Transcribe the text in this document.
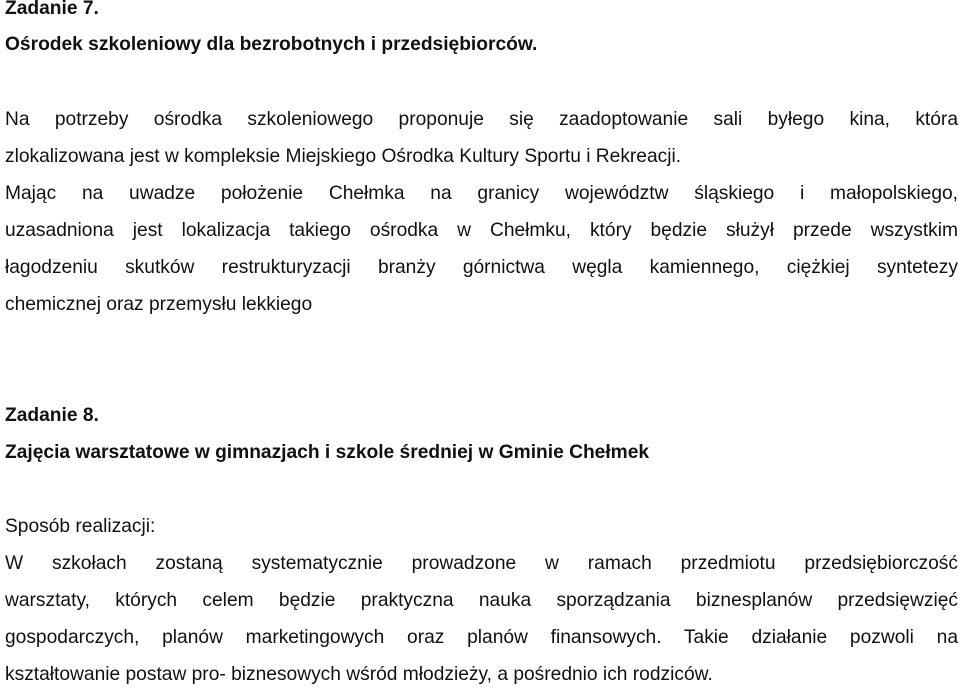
Zadanie 7.
Ośrodek szkoleniowy dla bezrobotnych i przedsiębiorców.
Na potrzeby ośrodka szkoleniowego proponuje się zaadoptowanie sali byłego kina, która
zlokalizowana jest w kompleksie Miejskiego Ośrodka Kultury Sportu i Rekreacji.
Mając na uwadze położenie Chełmka na granicy województw śląskiego i małopolskiego,
uzasadniona jest lokalizacja takiego ośrodka w Chełmku, który będzie służył przede wszystkim
łagodzeniu skutków restrukturyzacji branży górnictwa węgla kamiennego, ciężkiej syntetezy
chemicznej oraz przemysłu lekkiego
Zadanie 8.
Zajęcia warsztatowe w gimnazjach i szkole średniej w Gminie Chełmek
Sposób realizacji:
W szkołach zostaną systematycznie prowadzone w ramach przedmiotu przedsiębiorczość
warsztaty, których celem będzie praktyczna nauka sporządzania biznesplanów przedsięwzięć
gospodarczych, planów marketingowych oraz planów finansowych. Takie działanie pozwoli na
kształtowanie postaw pro- biznesowych wśród młodzieży, a pośrednio ich rodziców.
